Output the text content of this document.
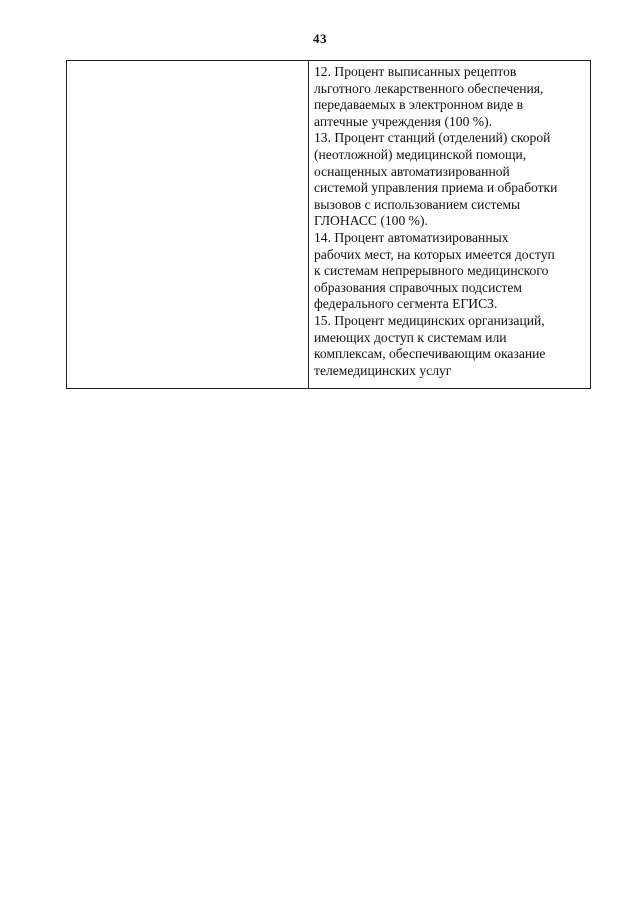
43

12. Процент выписанных рецептов
льготного лекарственного обеспечения,
передаваемых в электронном виде в
аптечные учреждения (100 %).

13. Процент станций (отделений) скорой
(неотложной) медицинской помощи,
оснащенных автоматизированной
системой управления приема и обработки
вызовов с использованием системы
ГЛОНАСС (100 %).

14. Процент автоматизированных
рабочих мест, на которых имеется доступ
к системам непрерывного медицинского
образования справочных подсистем
федерального сегмента ЕГИСЗ.

15. Процент медицинских организаций,
имеющих доступ к системам или
комплексам, обеспечивающим оказание
телемедицинских услуг
